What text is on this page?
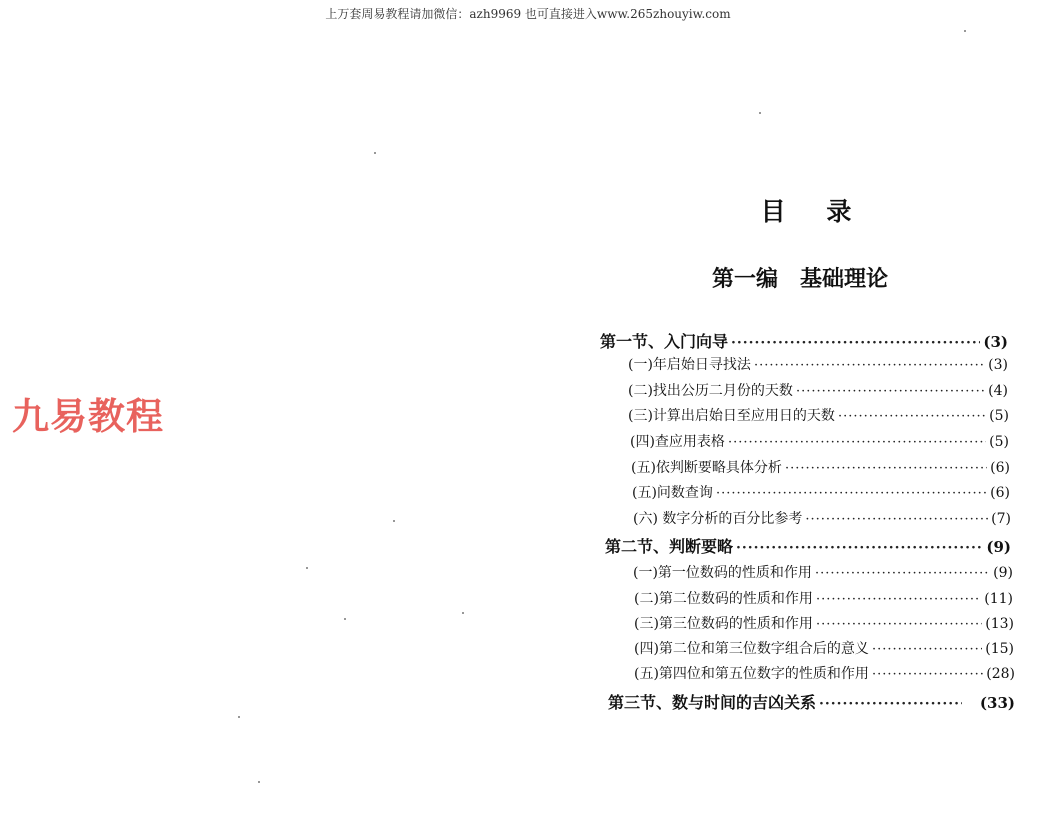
上万套周易教程请加微信：azh9969 也可直接进入www.265zhouyiw.com
九易教程
目 录
第一编　基础理论
第一节、入门向导 ·····	(3)
(一)年启始日寻找法 ·····	(3)
(二)找出公历二月份的天数 ·····	(4)
(三)计算出启始日至应用日的天数 ·····	(5)
(四)查应用表格 ·····	(5)
(五)依判断要略具体分析 ·····	(6)
(五)问数查询 ·····	(6)
(六) 数字分析的百分比参考 ·····	(7)
第二节、判断要略 ·····	(9)
(一)第一位数码的性质和作用 ·····	(9)
(二)第二位数码的性质和作用 ·····	(11)
(三)第三位数码的性质和作用 ·····	(13)
(四)第二位和第三位数字组合后的意义 ·····	(15)
(五)第四位和第五位数字的性质和作用 ·····	(28)
第三节、数与时间的吉凶关系 ·····	(33)
